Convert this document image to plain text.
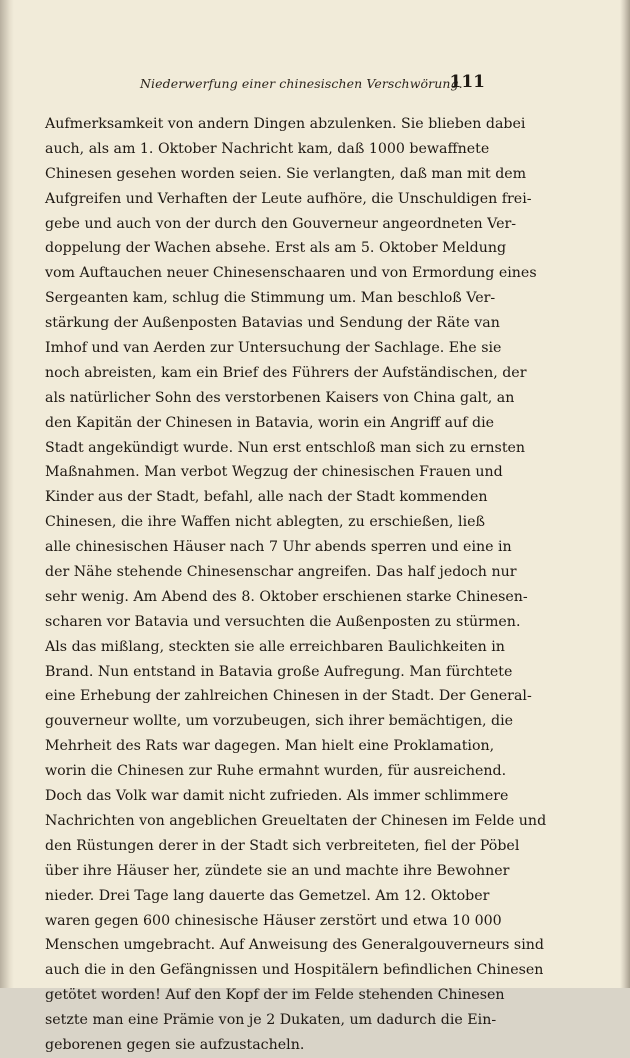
Niederwerfung einer chinesischen Verschwörung.
111
Aufmerksamkeit von andern Dingen abzulenken. Sie blieben dabei
auch, als am 1. Oktober Nachricht kam, daß 1000 bewaffnete
Chinesen gesehen worden seien. Sie verlangten, daß man mit dem
Aufgreifen und Verhaften der Leute aufhöre, die Unschuldigen frei-
gebe und auch von der durch den Gouverneur angeordneten Ver-
doppelung der Wachen absehe. Erst als am 5. Oktober Meldung
vom Auftauchen neuer Chinesenschaaren und von Ermordung eines
Sergeanten kam, schlug die Stimmung um. Man beschloß Ver-
stärkung der Außenposten Batavias und Sendung der Räte van
Imhof und van Aerden zur Untersuchung der Sachlage. Ehe sie
noch abreisten, kam ein Brief des Führers der Aufständischen, der
als natürlicher Sohn des verstorbenen Kaisers von China galt, an
den Kapitän der Chinesen in Batavia, worin ein Angriff auf die
Stadt angekündigt wurde. Nun erst entschloß man sich zu ernsten
Maßnahmen. Man verbot Wegzug der chinesischen Frauen und
Kinder aus der Stadt, befahl, alle nach der Stadt kommenden
Chinesen, die ihre Waffen nicht ablegten, zu erschießen, ließ
alle chinesischen Häuser nach 7 Uhr abends sperren und eine in
der Nähe stehende Chinesenschar angreifen. Das half jedoch nur
sehr wenig. Am Abend des 8. Oktober erschienen starke Chinesen-
scharen vor Batavia und versuchten die Außenposten zu stürmen.
Als das mißlang, steckten sie alle erreichbaren Baulichkeiten in
Brand. Nun entstand in Batavia große Aufregung. Man fürchtete
eine Erhebung der zahlreichen Chinesen in der Stadt. Der General-
gouverneur wollte, um vorzubeugen, sich ihrer bemächtigen, die
Mehrheit des Rats war dagegen. Man hielt eine Proklamation,
worin die Chinesen zur Ruhe ermahnt wurden, für ausreichend.
Doch das Volk war damit nicht zufrieden. Als immer schlimmere
Nachrichten von angeblichen Greueltaten der Chinesen im Felde und
den Rüstungen derer in der Stadt sich verbreiteten, fiel der Pöbel
über ihre Häuser her, zündete sie an und machte ihre Bewohner
nieder. Drei Tage lang dauerte das Gemetzel. Am 12. Oktober
waren gegen 600 chinesische Häuser zerstört und etwa 10 000
Menschen umgebracht. Auf Anweisung des Generalgouverneurs sind
auch die in den Gefängnissen und Hospitälern befindlichen Chinesen
getötet worden! Auf den Kopf der im Felde stehenden Chinesen
setzte man eine Prämie von je 2 Dukaten, um dadurch die Ein-
geborenen gegen sie aufzustacheln.
